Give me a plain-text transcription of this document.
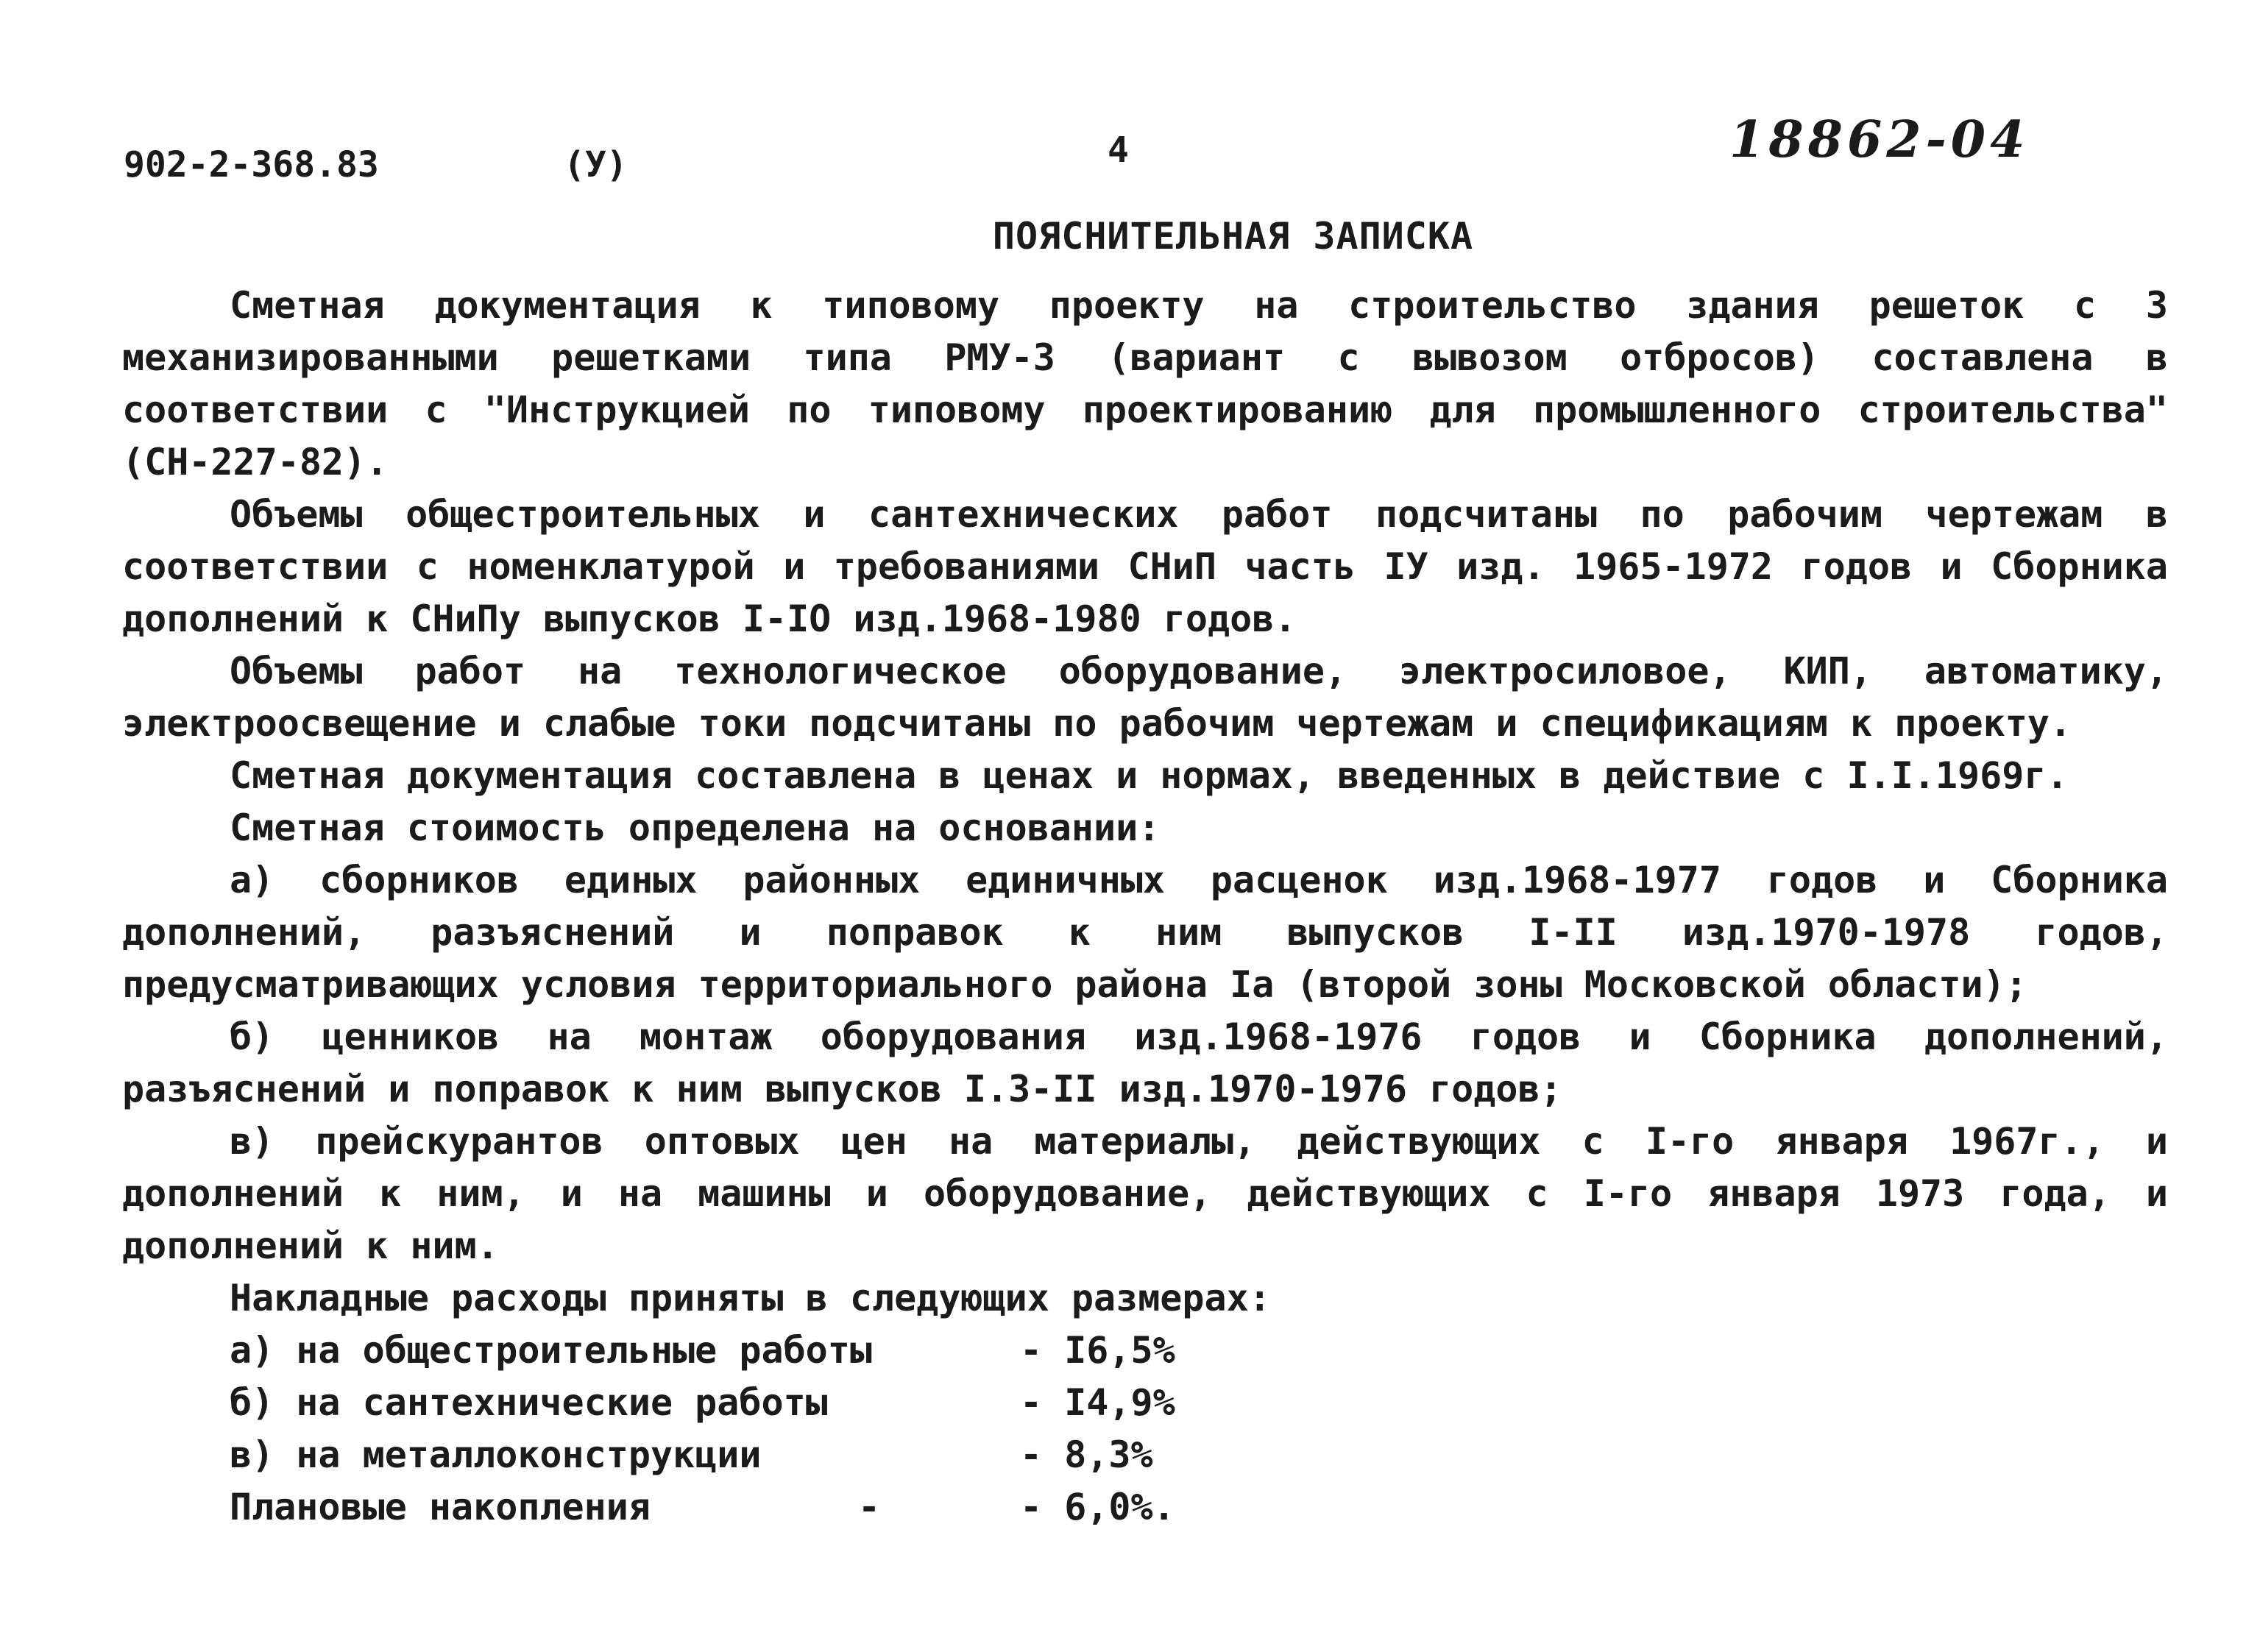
902-2-368.83	(У)	4	18862-04
ПОЯСНИТЕЛЬНАЯ ЗАПИСКА

Сметная документация к типовому проекту на строительство здания решеток с 3 механизированными решетками типа РМУ-3 (вариант с вывозом отбросов) составлена в соответствии с "Инструкцией по типовому проектированию для промышленного строительства" (СН-227-82).

Объемы общестроительных и сантехнических работ подсчитаны по рабочим чертежам в соответствии с номенклатурой и требованиями СНиП часть IУ изд. 1965-1972 годов и Сборника дополнений к СНиПу выпусков I-IO изд.1968-1980 годов.

Объемы работ на технологическое оборудование, электросиловое, КИП, автоматику, электроосвещение и слабые токи подсчитаны по рабочим чертежам и спецификациям к проекту.

Сметная документация составлена в ценах и нормах, введенных в действие с I.I.1969г.

Сметная стоимость определена на основании:

а) сборников единых районных единичных расценок изд.1968-1977 годов и Сборника дополнений, разъяснений и поправок к ним выпусков I-II изд.1970-1978 годов, предусматривающих условия территориального района Iа (второй зоны Московской области);

б) ценников на монтаж оборудования изд.1968-1976 годов и Сборника дополнений, разъяснений и поправок к ним выпусков I.3-II изд.1970-1976 годов;

в) прейскурантов оптовых цен на материалы, действующих с I-го января 1967г., и дополнений к ним, и на машины и оборудование, действующих с I-го января 1973 года, и дополнений к ним.

Накладные расходы приняты в следующих размерах:
а) на общестроительные работы	- I6,5%
б) на сантехнические работы	- I4,9%
в) на металлоконструкции	- 8,3%
Плановые накопления	-	- 6,0%.
